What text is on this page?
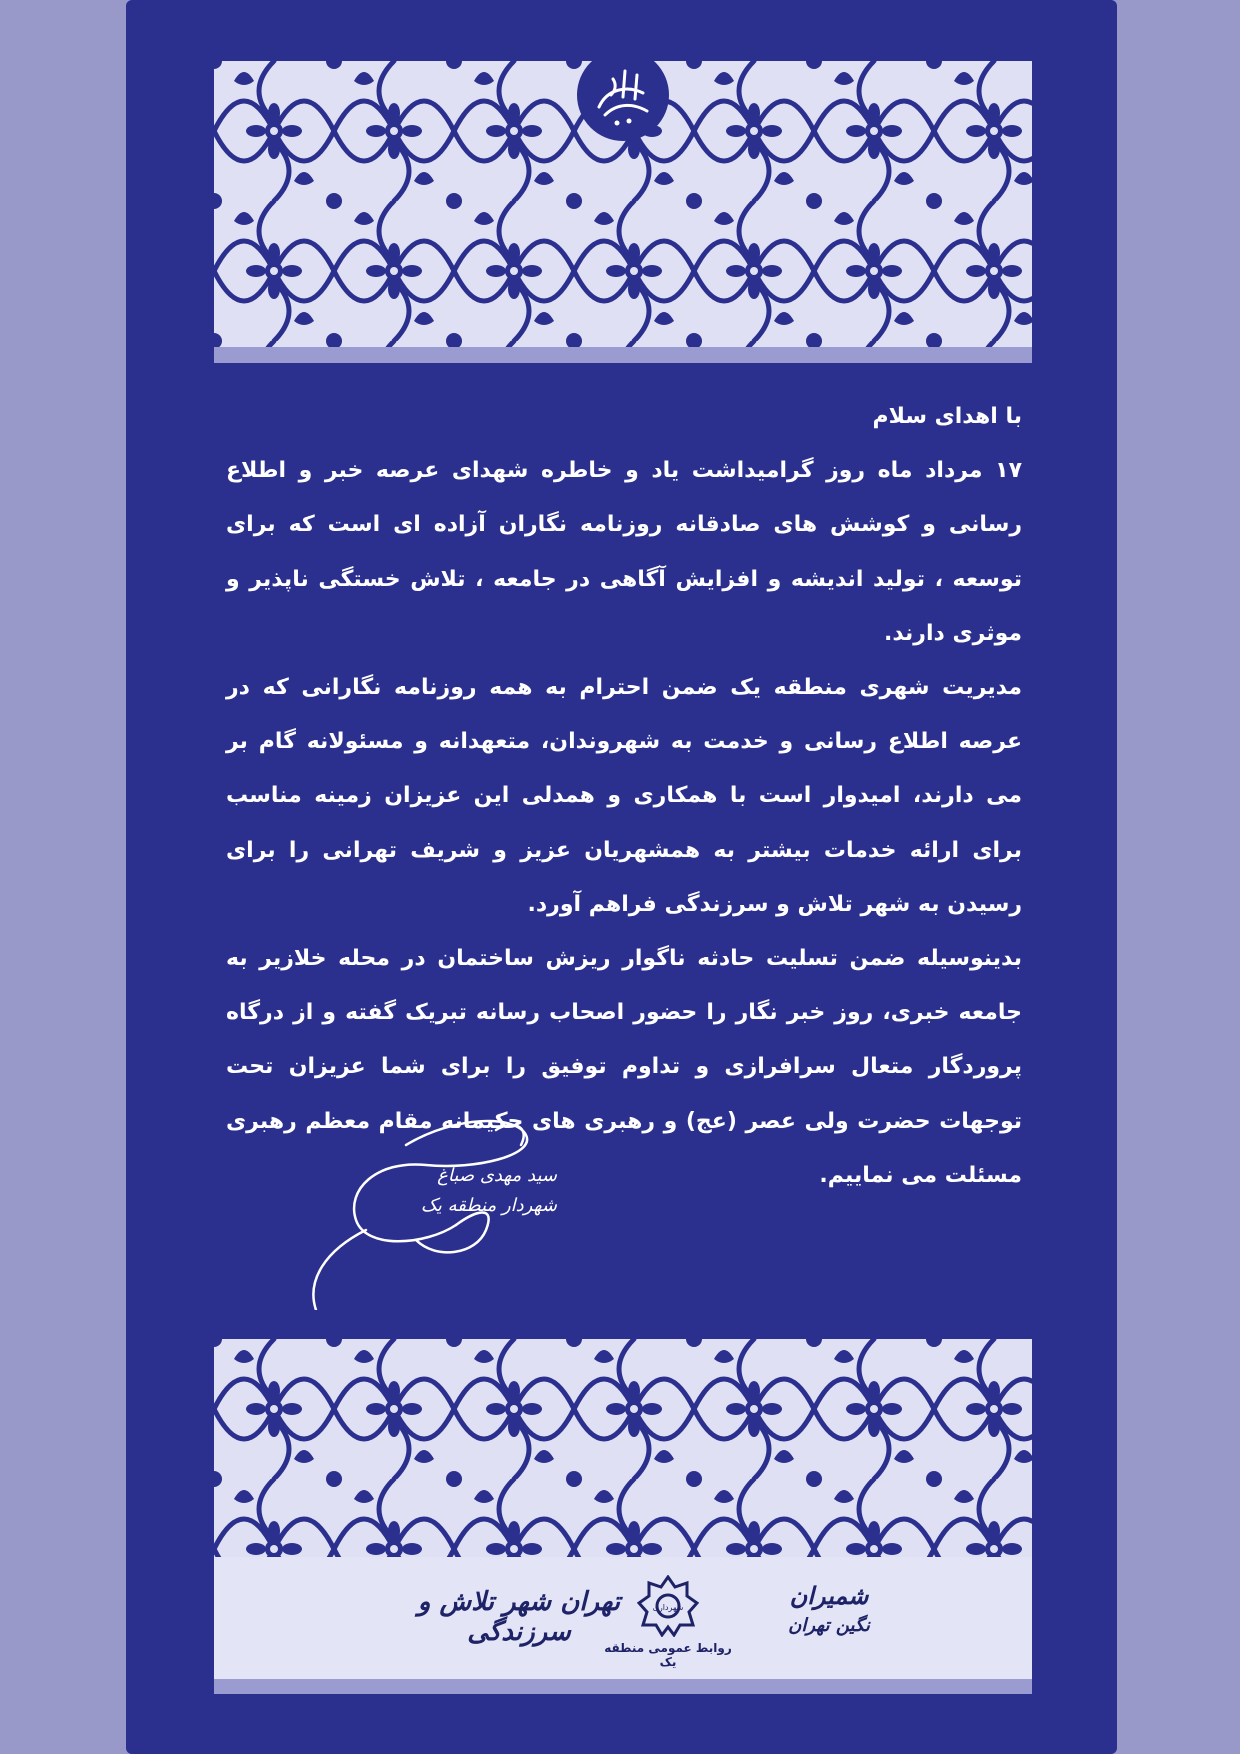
با اهدای سلام

۱۷ مرداد ماه روز گرامیداشت یاد و خاطره شهدای عرصه خبر و اطلاع رسانی و کوشش های صادقانه روزنامه نگاران آزاده ای است که برای توسعه ، تولید اندیشه و افزایش آگاهی در جامعه ، تلاش خستگی ناپذیر و موثری دارند.

مدیریت شهری منطقه یک ضمن احترام به همه روزنامه نگارانی که در عرصه اطلاع رسانی و خدمت به شهروندان، متعهدانه و مسئولانه گام بر می دارند، امیدوار است با همکاری و همدلی این عزیزان زمینه مناسب برای ارائه خدمات بیشتر به همشهریان عزیز و شریف تهرانی را برای رسیدن به شهر تلاش و سرزندگی فراهم آورد.

بدینوسیله ضمن تسلیت حادثه ناگوار ریزش ساختمان در محله خلازیر به جامعه خبری، روز خبر نگار را حضور اصحاب رسانه تبریک گفته و از درگاه پروردگار متعال سرافرازی و تداوم توفیق را برای شما عزیزان تحت توجهات حضرت ولی عصر (عج) و رهبری های حکیمانه مقام معظم رهبری مسئلت می نماییم.

سید مهدی صباغ
شهردار منطقه یک
تهران شهر تلاش و سرزندگی
شهرداری
روابط عمومی منطقه یک
شمیران
نگین تهران
